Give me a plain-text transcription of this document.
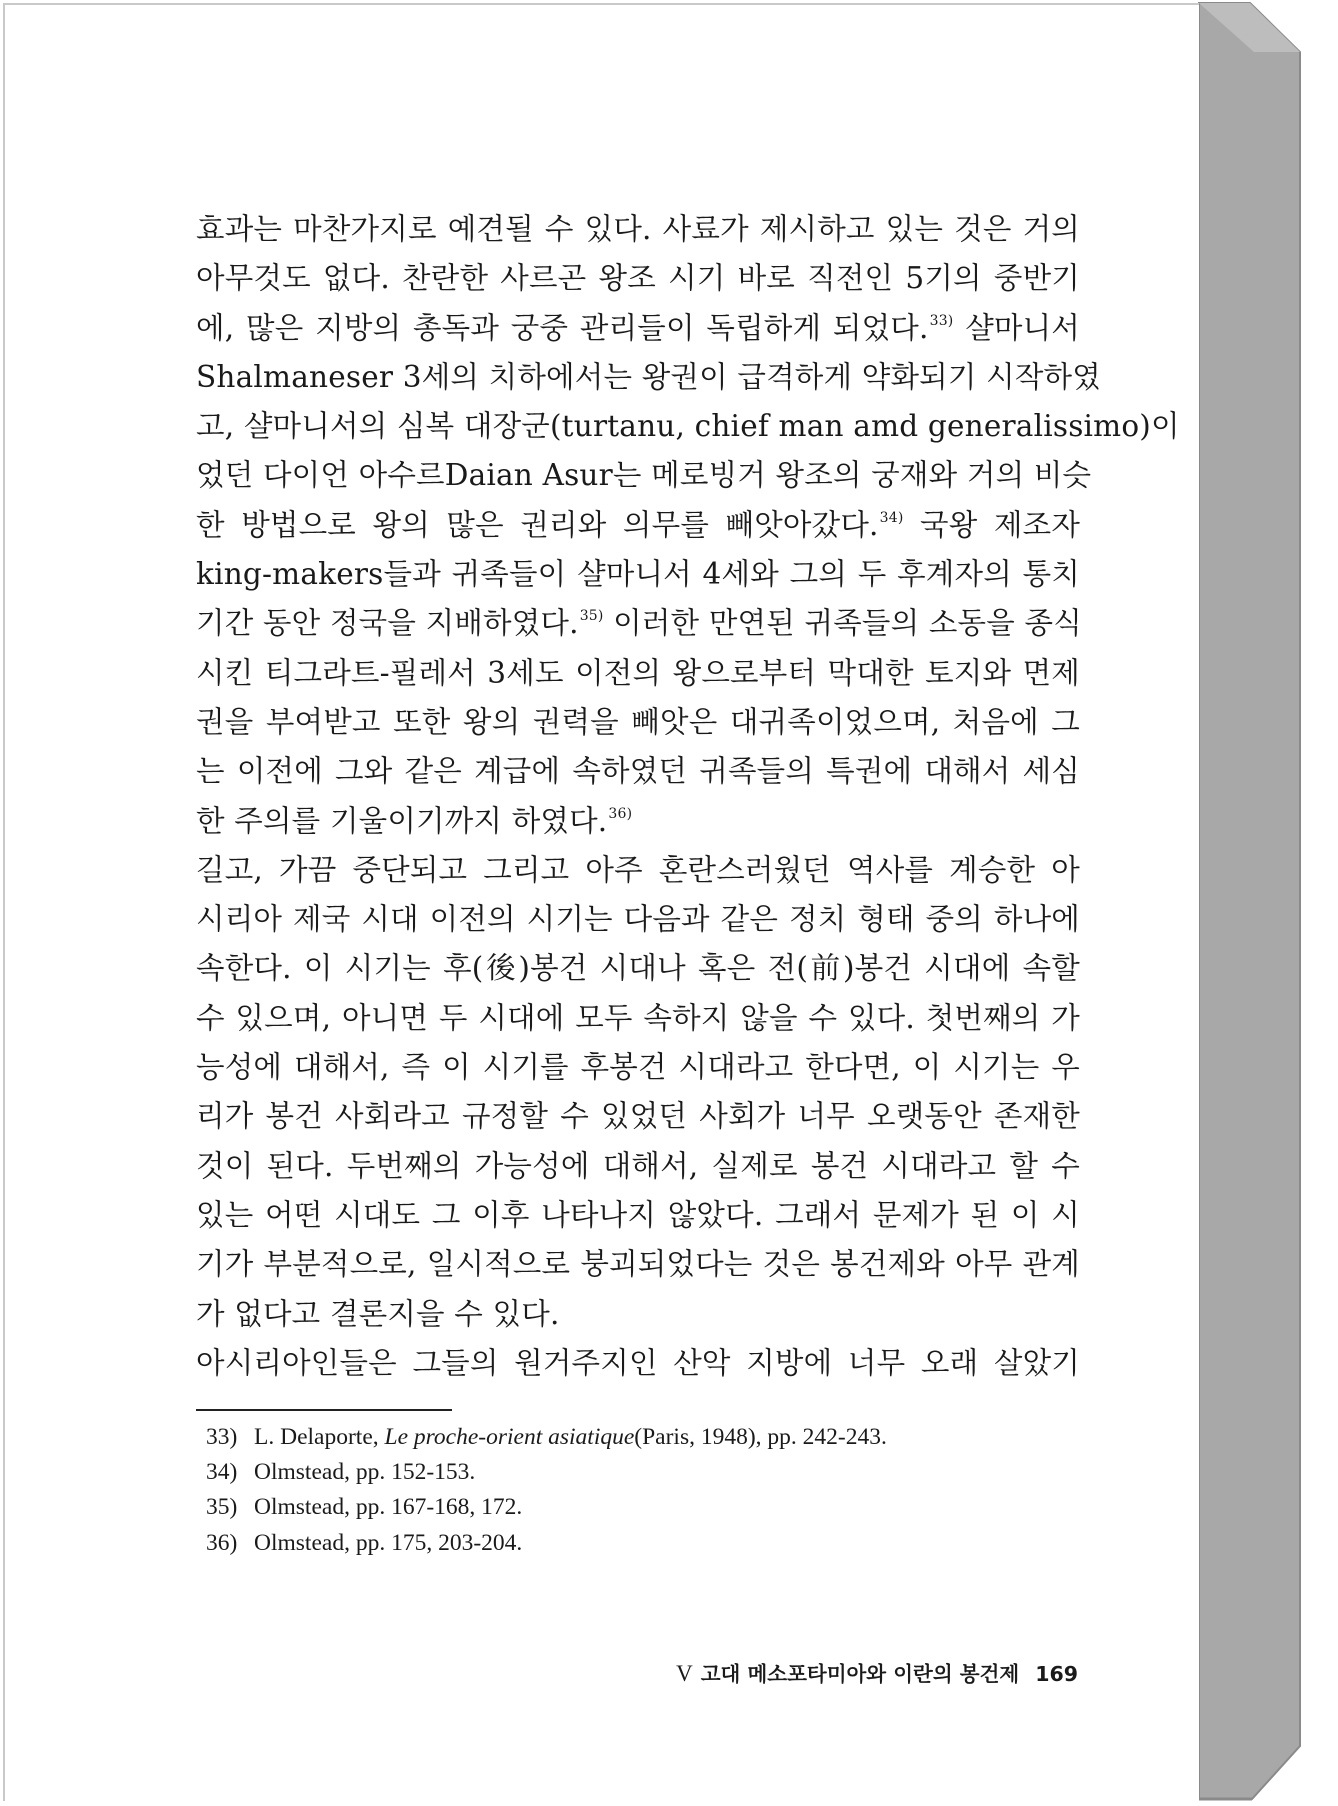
효과는 마찬가지로 예견될 수 있다. 사료가 제시하고 있는 것은 거의
아무것도 없다. 찬란한 사르곤 왕조 시기 바로 직전인 5기의 중반기
에, 많은 지방의 총독과 궁중 관리들이 독립하게 되었다.$^{33)}$ 샬마니서
Shalmaneser 3세의 치하에서는 왕권이 급격하게 약화되기 시작하였
고, 샬마니서의 심복 대장군(turtanu, chief man amd generalissimo)이
었던 다이언 아수르Daian Asur는 메로빙거 왕조의 궁재와 거의 비슷
한 방법으로 왕의 많은 권리와 의무를 빼앗아갔다.$^{34)}$ 국왕 제조자
king-makers들과 귀족들이 샬마니서 4세와 그의 두 후계자의 통치
기간 동안 정국을 지배하였다.$^{35)}$ 이러한 만연된 귀족들의 소동을 종식
시킨 티그라트-필레서 3세도 이전의 왕으로부터 막대한 토지와 면제
권을 부여받고 또한 왕의 권력을 빼앗은 대귀족이었으며, 처음에 그
는 이전에 그와 같은 계급에 속하였던 귀족들의 특권에 대해서 세심
한 주의를 기울이기까지 하였다.$^{36)}$
길고, 가끔 중단되고 그리고 아주 혼란스러웠던 역사를 계승한 아
시리아 제국 시대 이전의 시기는 다음과 같은 정치 형태 중의 하나에
속한다. 이 시기는 후(後)봉건 시대나 혹은 전(前)봉건 시대에 속할
수 있으며, 아니면 두 시대에 모두 속하지 않을 수 있다. 첫번째의 가
능성에 대해서, 즉 이 시기를 후봉건 시대라고 한다면, 이 시기는 우
리가 봉건 사회라고 규정할 수 있었던 사회가 너무 오랫동안 존재한
것이 된다. 두번째의 가능성에 대해서, 실제로 봉건 시대라고 할 수
있는 어떤 시대도 그 이후 나타나지 않았다. 그래서 문제가 된 이 시
기가 부분적으로, 일시적으로 붕괴되었다는 것은 봉건제와 아무 관계
가 없다고 결론지을 수 있다.
아시리아인들은 그들의 원거주지인 산악 지방에 너무 오래 살았기
33) L. Delaporte, Le proche-orient asiatique(Paris, 1948), pp. 242-243.
34) Olmstead, pp. 152-153.
35) Olmstead, pp. 167-168, 172.
36) Olmstead, pp. 175, 203-204.
V 고대 메소포타미아와 이란의 봉건제 169
